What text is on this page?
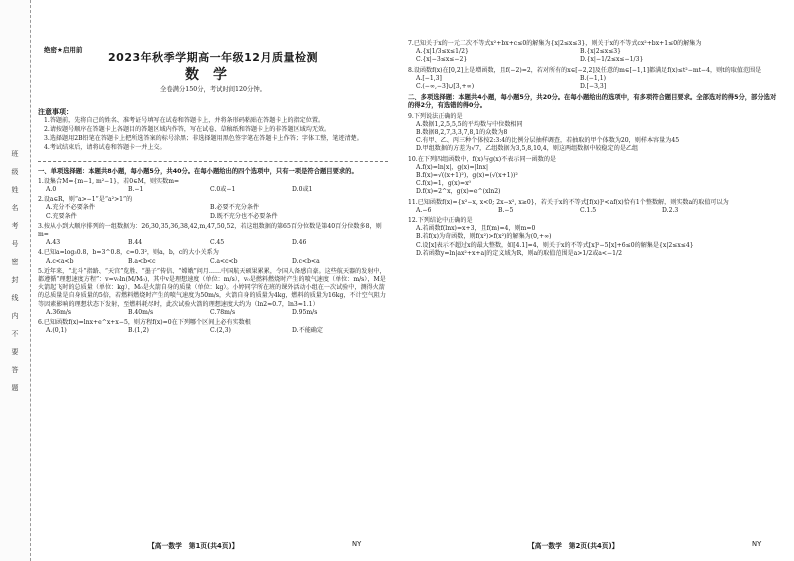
班
级
姓
名
考
号
密
封
线
内
不
要
答
题
绝密★启用前
2023年秋季学期高一年级12月质量检测
数学
全卷满分150分，考试时间120分钟。
注意事项：

1.答题前，先将自己的姓名、准考证号填写在试卷和答题卡上，并将条形码粘贴在答题卡上的指定位置。

2.请按题号顺序在答题卡上各题目的答题区域内作答，写在试卷、草稿纸和答题卡上的非答题区域均无效。

3.选择题用2B铅笔在答题卡上把所选答案的标号涂黑；非选择题用黑色签字笔在答题卡上作答；字体工整，笔迹清楚。

4.考试结束后，请将试卷和答题卡一并上交。

一、单项选择题：本题共8小题，每小题5分，共40分。在每小题给出的四个选项中，只有一项是符合题目要求的。

1.设集合M={m−1, m²−1}，若0∈M，则实数m=

A.0	B.−1	C.0或−1	D.0或1

2.设a∈R，则“a>−1”是“a²>1”的

A.充分不必要条件	B.必要不充分条件
C.充要条件	D.既不充分也不必要条件

3.按从小到大顺序排列的一组数据为：26,30,35,36,38,42,m,47,50,52，若这组数据的第65百分位数是第40百分位数多8，则m=

A.43	B.44	C.45	D.46

4.已知a=log₃0.8，b=3^0.8，c=0.3²，则a，b，c的大小关系为

A.c<a<b	B.a<b<c	C.a<c<b	D.c<b<a

5.近年来，“北斗”指路、“天宫”览胜、“墨子”传信、“嫦娥”问月……中国航天硕果累累，令国人备感自豪。这些航天器的发射中，都遵循“理想速度方程”：v=v₀ln(M/M₀)，其中v是理想速度（单位：m/s），v₀是燃料燃烧时产生的喷气速度（单位：m/s），M是火箭起飞时的总质量（单位：kg），M₀是火箭自身的质量（单位：kg）。小婷同学所在班的课外活动小组在一次试验中，测得火箭的总质量是自身质量的5倍，若燃料燃烧时产生的喷气速度为50m/s，火箭自身的质量为4kg，燃料的质量为16kg，不计空气阻力等因素影响的理想状态下发射，至燃料耗尽时，此次试验火箭的理想速度大约为（ln2≈0.7，ln3≈1.1）

A.36m/s	B.40m/s	C.78m/s	D.95m/s

6.已知函数f(x)=lnx+e^x+x−5，则方程f(x)=0在下列哪个区间上必有实数根

A.(0,1)	B.(1,2)	C.(2,3)	D.不能确定

7.已知关于x的一元二次不等式x²+bx+c≤0的解集为{x|2≤x≤3}，则关于x的不等式cx²+bx+1≤0的解集为

A.{x|1/3≤x≤1/2}	B.{x|2≤x≤3}
C.{x|−3≤x≤−2}	D.{x|−1/2≤x≤−1/3}

8.设函数f(x)在[0,2]上是增函数，且f(−2)=2，若对所有的x∈[−2,2]及任意的m∈[−1,1]都满足f(x)≤t²−mt−4，则t的取值范围是

A.[−1,3]	B.(−1,1)
C.(−∞,−3]∪[3,+∞)	D.[−3,3]

二、多项选择题：本题共4小题，每小题5分，共20分。在每小题给出的选项中，有多项符合题目要求。全部选对的得5分，部分选对的得2分，有选错的得0分。

9.下列说法正确的是

A.数据1,2,5,5,5的平均数与中位数相同
B.数据8,2,7,3,3,7,8,1的众数为8
C.有甲、乙、丙三种个体按2:3:4的比例分层抽样调查，若抽取的甲个体数为20，则样本容量为45
D.甲组数据的方差为√7，乙组数据为3,5,8,10,4，则这两组数据中较稳定的是乙组

10.在下列四组函数中，f(x)与g(x)不表示同一函数的是

A.f(x)=ln|x|，g(x)=|lnx|
B.f(x)=√((x+1)²)，g(x)=(√(x+1))²
C.f(x)=1，g(x)=x⁰
D.f(x)=2^x，g(x)=e^(xln2)

11.已知函数f(x)={x²−x, x<0; 2x−x², x≥0}，若关于x的不等式[f(x)]²<af(x)恰有1个整数解，则实数a的取值可以为

A.−6	B.−5	C.1.5	D.2.3

12.下列结论中正确的是

A.若函数f(lnx)=x+3，且f(m)=4，则m=0
B.若f(x)为奇函数，则f(x²)>f(x²)的解集为(0,+∞)
C.设[x]表示不超过x的最大整数，如[4.1]=4，则关于x的不等式[x]²−5[x]+6≤0的解集是{x|2≤x≤4}
D.若函数y=ln|ax²+x+a|的定义域为R，则a的取值范围是a>1/2或a<−1/2
【高一数学　第1页(共4页)】	NY	【高一数学　第2页(共4页)】	NY
